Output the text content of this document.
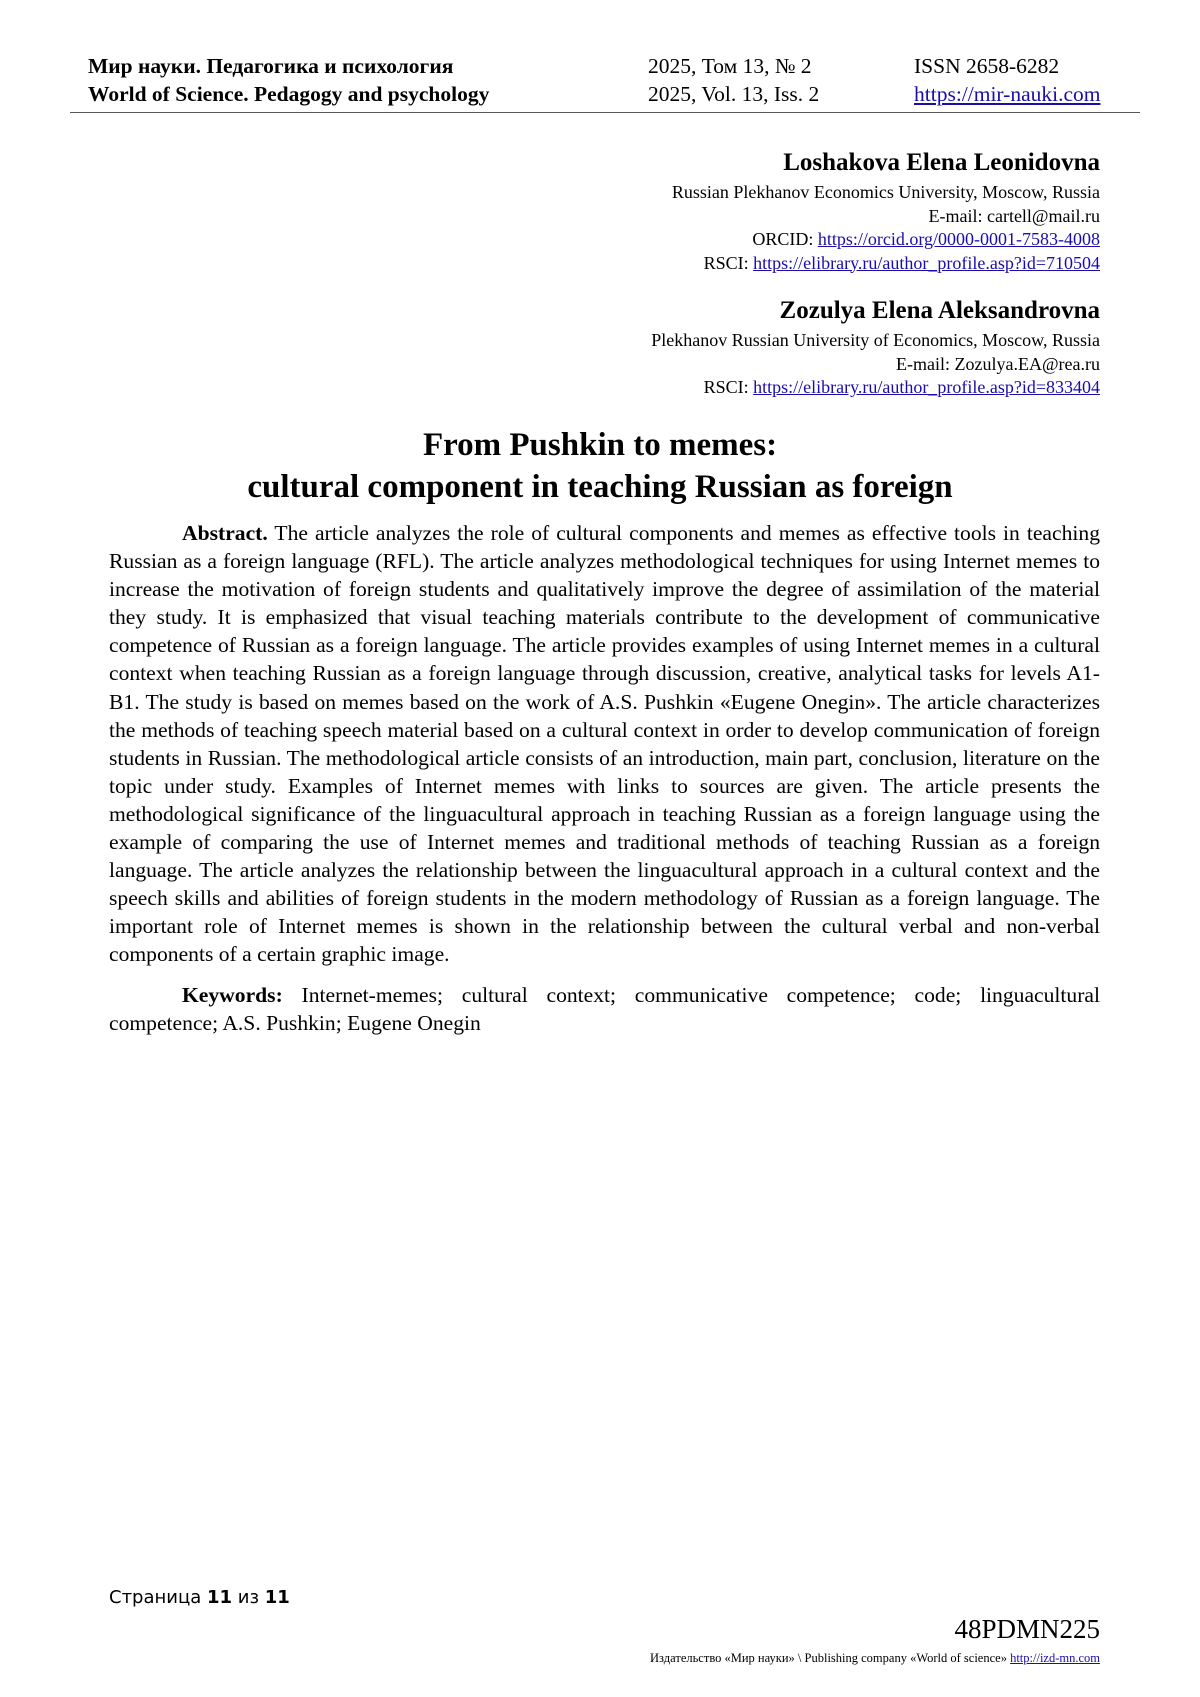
Мир науки. Педагогика и психология	2025, Том 13, № 2	ISSN 2658-6282
World of Science. Pedagogy and psychology	2025, Vol. 13, Iss. 2	https://mir-nauki.com
Loshakova Elena Leonidovna
Russian Plekhanov Economics University, Moscow, Russia
E-mail: cartell@mail.ru
ORCID: https://orcid.org/0000-0001-7583-4008
RSCI: https://elibrary.ru/author_profile.asp?id=710504
Zozulya Elena Aleksandrovna
Plekhanov Russian University of Economics, Moscow, Russia
E-mail: Zozulya.EA@rea.ru
RSCI: https://elibrary.ru/author_profile.asp?id=833404
From Pushkin to memes:
cultural component in teaching Russian as foreign

Abstract. The article analyzes the role of cultural components and memes as effective tools in teaching Russian as a foreign language (RFL). The article analyzes methodological techniques for using Internet memes to increase the motivation of foreign students and qualitatively improve the degree of assimilation of the material they study. It is emphasized that visual teaching materials contribute to the development of communicative competence of Russian as a foreign language. The article provides examples of using Internet memes in a cultural context when teaching Russian as a foreign language through discussion, creative, analytical tasks for levels A1-B1. The study is based on memes based on the work of A.S. Pushkin «Eugene Onegin». The article characterizes the methods of teaching speech material based on a cultural context in order to develop communication of foreign students in Russian. The methodological article consists of an introduction, main part, conclusion, literature on the topic under study. Examples of Internet memes with links to sources are given. The article presents the methodological significance of the linguacultural approach in teaching Russian as a foreign language using the example of comparing the use of Internet memes and traditional methods of teaching Russian as a foreign language. The article analyzes the relationship between the linguacultural approach in a cultural context and the speech skills and abilities of foreign students in the modern methodology of Russian as a foreign language. The important role of Internet memes is shown in the relationship between the cultural verbal and non-verbal components of a certain graphic image.

Keywords: Internet-memes; cultural context; communicative competence; code; linguacultural competence; A.S. Pushkin; Eugene Onegin

Страница 11 из 11
48PDMN225
Издательство «Мир науки» \ Publishing company «World of science» http://izd-mn.com
